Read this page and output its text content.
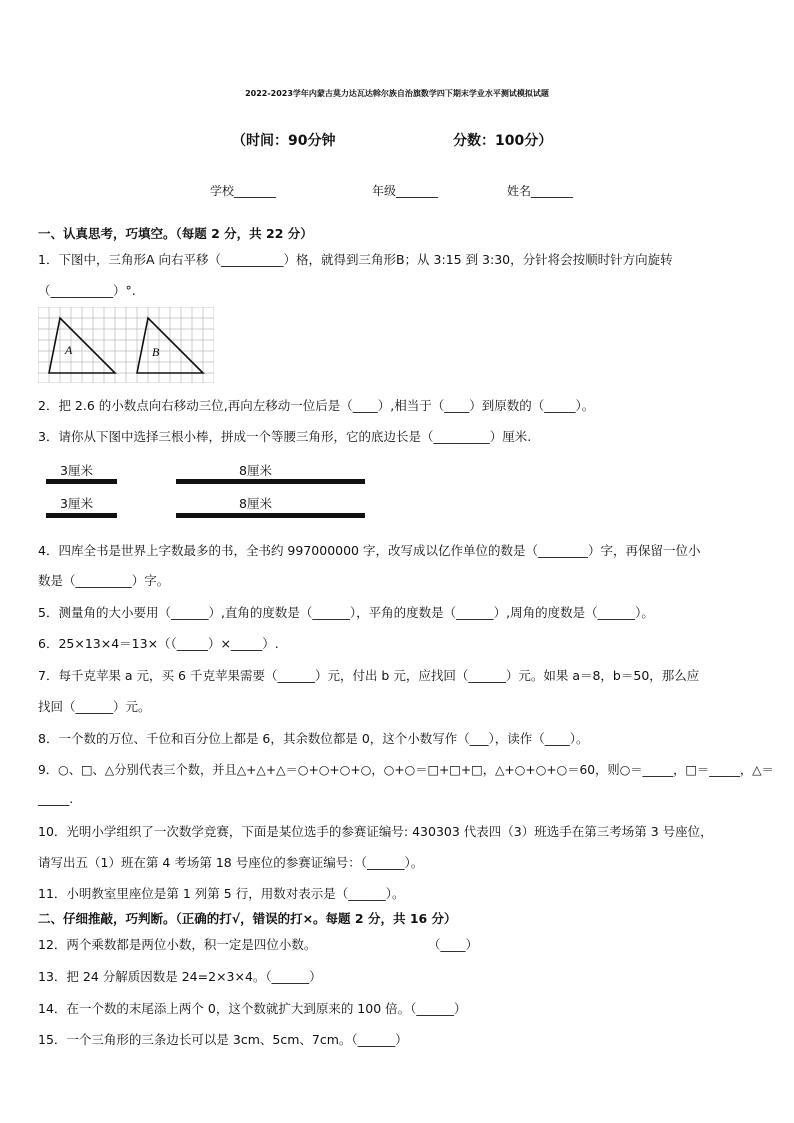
2022-2023学年内蒙古莫力达瓦达斡尔族自治旗数学四下期末学业水平测试模拟试题
（时间：90分钟	分数：100分）
学校_______	年级_______	姓名_______
一、认真思考，巧填空。（每题 2 分，共 22 分）
1．下图中，三角形A 向右平移（__________）格，就得到三角形B；从 3:15 到 3:30，分针将会按顺时针方向旋转
（__________）°.
A	B
2．把 2.6 的小数点向右移动三位,再向左移动一位后是（____）,相当于（____）到原数的（_____）。
3．请你从下图中选择三根小棒，拼成一个等腰三角形，它的底边长是（_________）厘米.
3厘米	8厘米
3厘米	8厘米
4．四库全书是世界上字数最多的书，全书约 997000000 字，改写成以亿作单位的数是（________）字，再保留一位小
数是（_________）字。
5．测量角的大小要用（______）,直角的度数是（______），平角的度数是（______）,周角的度数是（______）。
6．25×13×4＝13×（（_____）×_____）.
7．每千克苹果 a 元，买 6 千克苹果需要（______）元，付出 b 元，应找回（______）元。如果 a＝8，b＝50，那么应
找回（______）元。
8．一个数的万位、千位和百分位上都是 6，其余数位都是 0，这个小数写作（___），读作（____）。
9．○、□、△分别代表三个数，并且△+△+△＝○+○+○+○，○+○＝□+□+□，△+○+○+○＝60，则○＝_____，□＝_____，△＝
_____.
10．光明小学组织了一次数学竞赛，下面是某位选手的参赛证编号: 430303 代表四（3）班选手在第三考场第 3 号座位，
请写出五（1）班在第 4 考场第 18 号座位的参赛证编号：（______）。
11．小明教室里座位是第 1 列第 5 行，用数对表示是（______）。
二、仔细推敲，巧判断。（正确的打√，错误的打×。每题 2 分，共 16 分）
12．两个乘数都是两位小数，积一定是四位小数。	（____）
13．把 24 分解质因数是 24=2×3×4。（______）
14．在一个数的末尾添上两个 0，这个数就扩大到原来的 100 倍。（______）
15．一个三角形的三条边长可以是 3cm、5cm、7cm。（______）
